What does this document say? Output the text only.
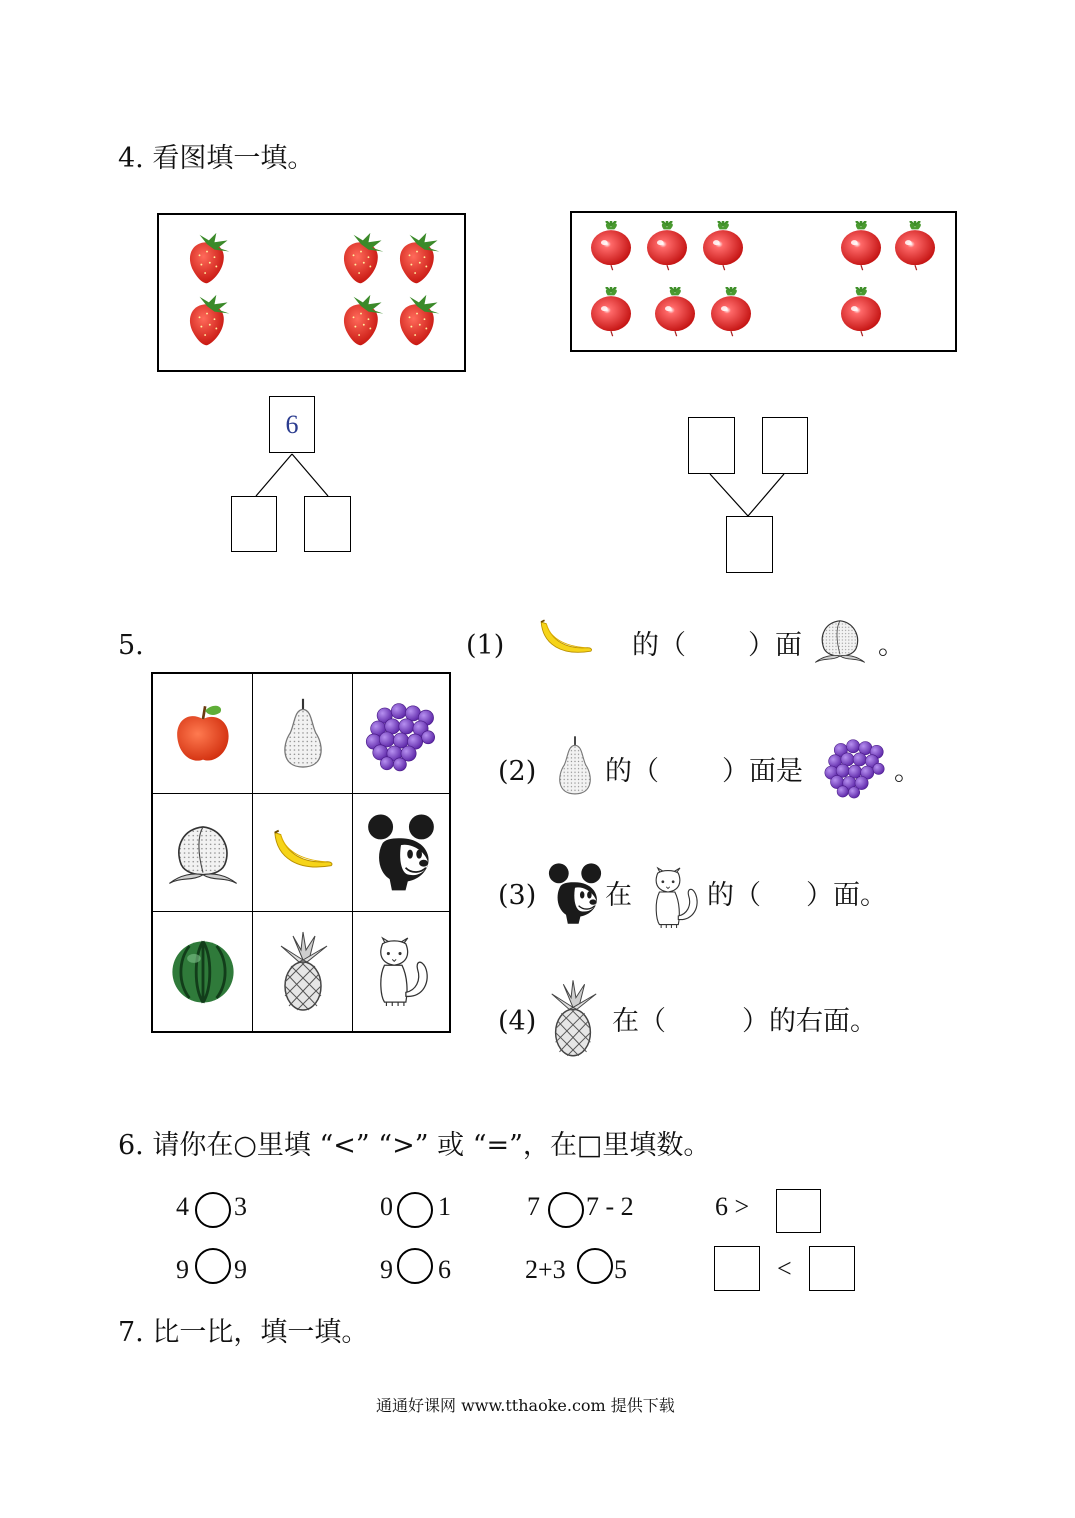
4. 看图填一填。
6
5.	(1)	的（ ）面	。
(2)	的（ ）面是	。
(3)	在	的（ ）面。
(4)	在（	）的右面。
6. 请你在○里填 “<” “>” 或 “=”，在□里填数。
4 3	0 1	7 7 - 2	6 >
9 9	9 6	2+3 5	<
7. 比一比，填一填。
通通好课网 www.tthaoke.com 提供下载
